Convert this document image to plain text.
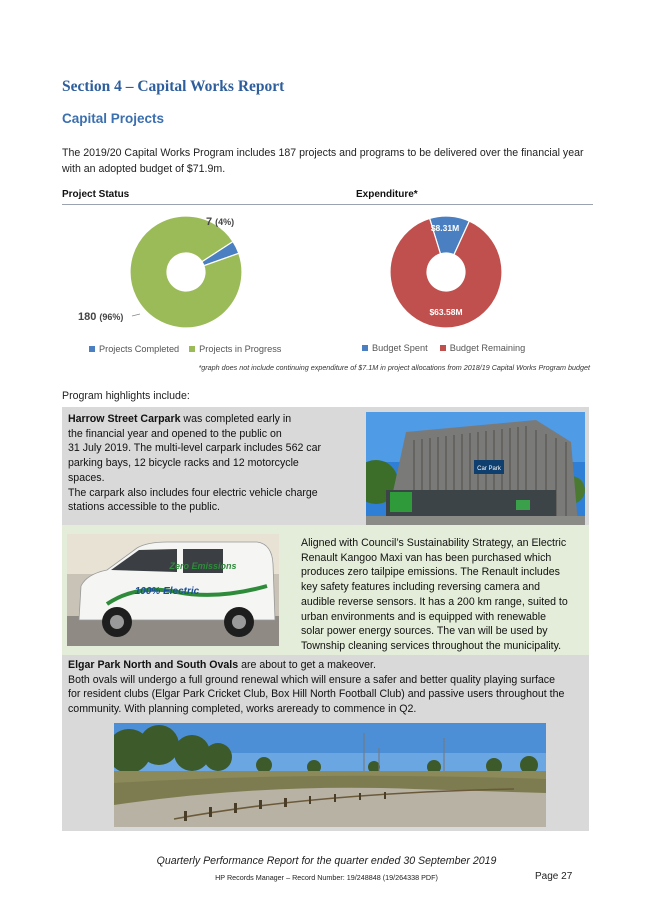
Section 4 – Capital Works Report
Capital Projects
The 2019/20 Capital Works Program includes 187 projects and programs to be delivered over the financial year with an adopted budget of $71.9m.
Project Status	Expenditure*
7 (4%)
180 (96%)
Projects Completed Projects in Progress
$8.31M
$63.58M
Budget Spent Budget Remaining
*graph does not include continuing expenditure of $7.1M in project allocations from 2018/19 Capital Works Program budget
Program highlights include:
Harrow Street Carpark was completed early in
the financial year and opened to the public on
31 July 2019. The multi-level carpark includes 562 car
parking bays, 12 bicycle racks and 12 motorcycle
spaces.
The carpark also includes four electric vehicle charge
stations accessible to the public.
Car Park
Zero Emissions
100% Electric
Aligned with Council’s Sustainability Strategy, an Electric
Renault Kangoo Maxi van has been purchased which
produces zero tailpipe emissions. The Renault includes
key safety features including reversing camera and
audible reverse sensors. It has a 200 km range, suited to
urban environments and is equipped with renewable
solar power energy sources. The van will be used by
Township cleaning services throughout the municipality.
Elgar Park North and South Ovals are about to get a makeover.
Both ovals will undergo a full ground renewal which will ensure a safer and better quality playing surface
for resident clubs (Elgar Park Cricket Club, Box Hill North Football Club) and passive users throughout the
community. With planning completed, works areready to commence in Q2.
Quarterly Performance Report for the quarter ended 30 September 2019
HP Records Manager – Record Number: 19/248848 (19/264338 PDF)	Page 27
